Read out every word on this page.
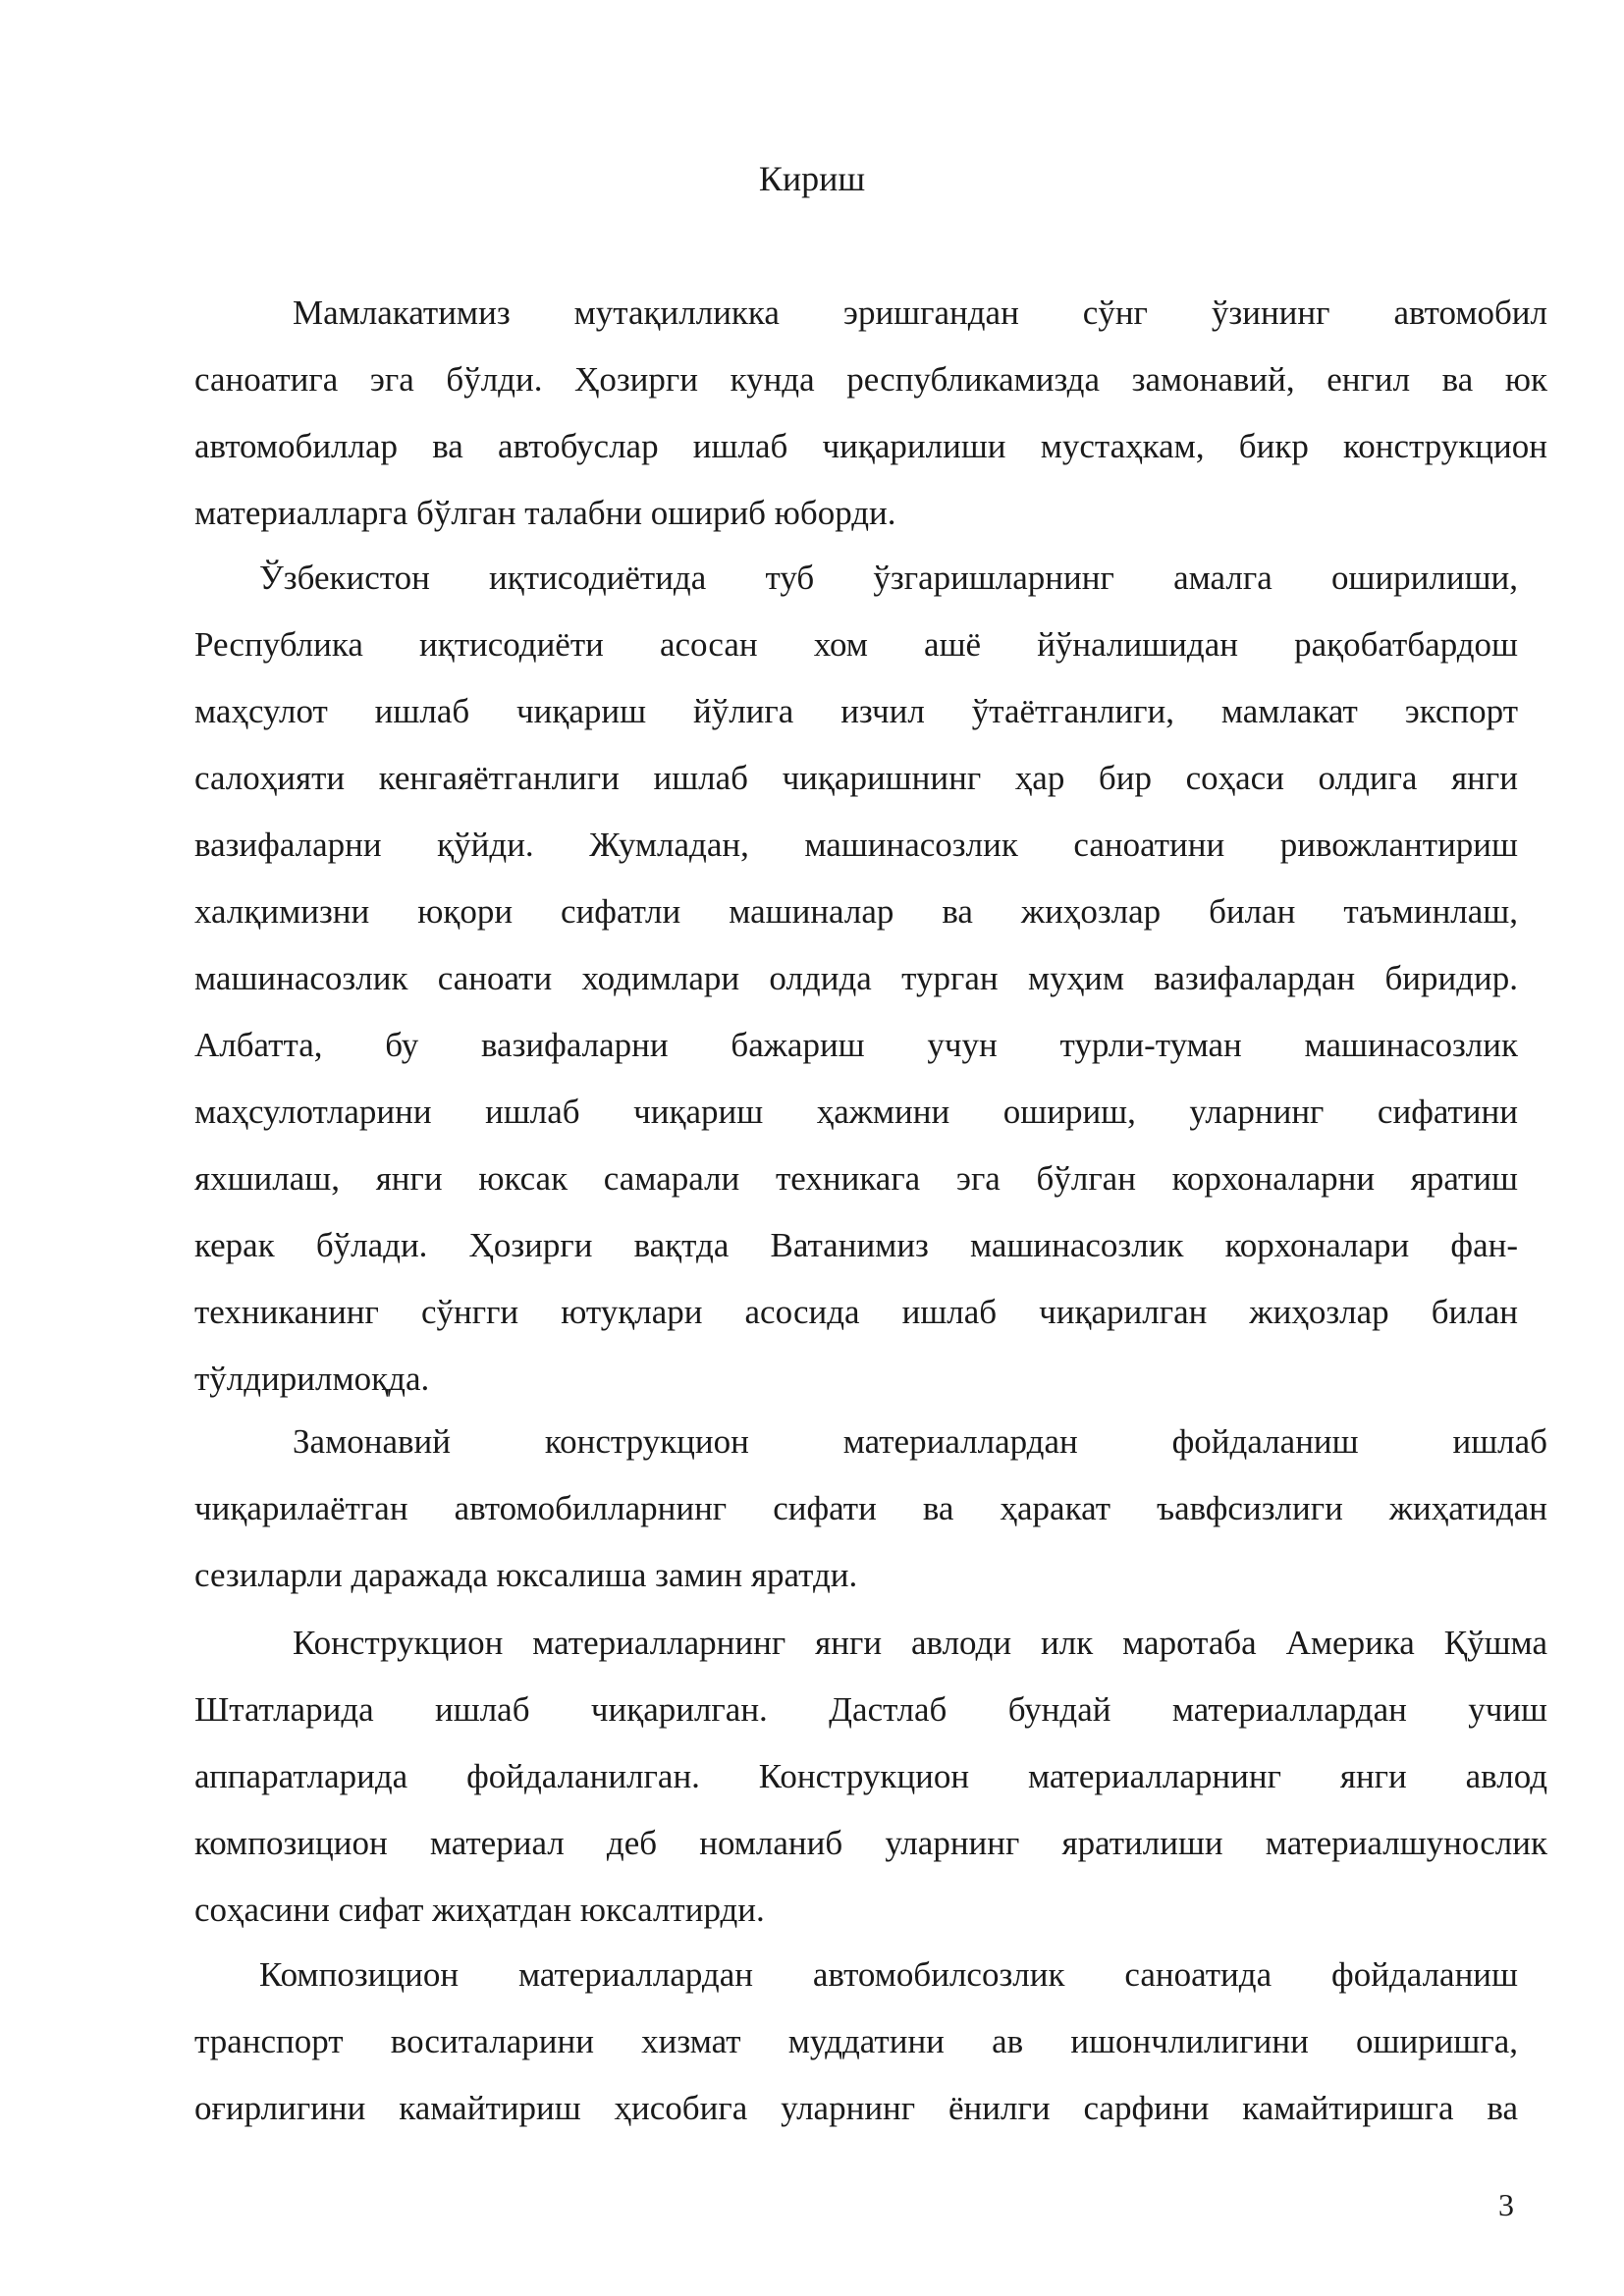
Кириш
Мамлакатимиз мутақилликка эришгандан сўнг ўзининг автомобил
саноатига эга бўлди. Ҳозирги кунда республикамизда замонавий, енгил ва юк
автомобиллар ва автобуслар ишлаб чиқарилиши мустаҳкам, бикр конструкцион
материалларга бўлган талабни ошириб юборди.
Ўзбекистон иқтисодиётида туб ўзгаришларнинг амалга оширилиши,
Республика иқтисодиёти асосан хом ашё йўналишидан рақобатбардош
маҳсулот ишлаб чиқариш йўлига изчил ўтаётганлиги, мамлакат экспорт
салоҳияти кенгаяётганлиги ишлаб чиқаришнинг ҳар бир соҳаси олдига янги
вазифаларни қўйди. Жумладан, машинасозлик саноатини ривожлантириш
халқимизни юқори сифатли машиналар ва жиҳозлар билан таъминлаш,
машинасозлик саноати ходимлари олдида турган муҳим вазифалардан биридир.
Албатта, бу вазифаларни бажариш учун турли-туман машинасозлик
маҳсулотларини ишлаб чиқариш ҳажмини ошириш, уларнинг сифатини
яхшилаш, янги юксак самарали техникага эга бўлган корхоналарни яратиш
керак бўлади. Ҳозирги вақтда Ватанимиз машинасозлик корхоналари фан-
техниканинг сўнгги ютуқлари асосида ишлаб чиқарилган жиҳозлар билан
тўлдирилмоқда.
Замонавий конструкцион материаллардан фойдаланиш ишлаб
чиқарилаётган автомобилларнинг сифати ва ҳаракат ъавфсизлиги жиҳатидан
сезиларли даражада юксалиша замин яратди.
Конструкцион материалларнинг янги авлоди илк маротаба Америка Қўшма
Штатларида ишлаб чиқарилган. Дастлаб бундай материаллардан учиш
аппаратларида фойдаланилган. Конструкцион материалларнинг янги авлод
композицион материал деб номланиб уларнинг яратилиши материалшунослик
соҳасини сифат жиҳатдан юксалтирди.
Композицион материаллардан автомобилсозлик саноатида фойдаланиш
транспорт воситаларини хизмат муддатини ав ишончлилигини оширишга,
оғирлигини камайтириш ҳисобига уларнинг ёнилги сарфини камайтиришга ва
3
